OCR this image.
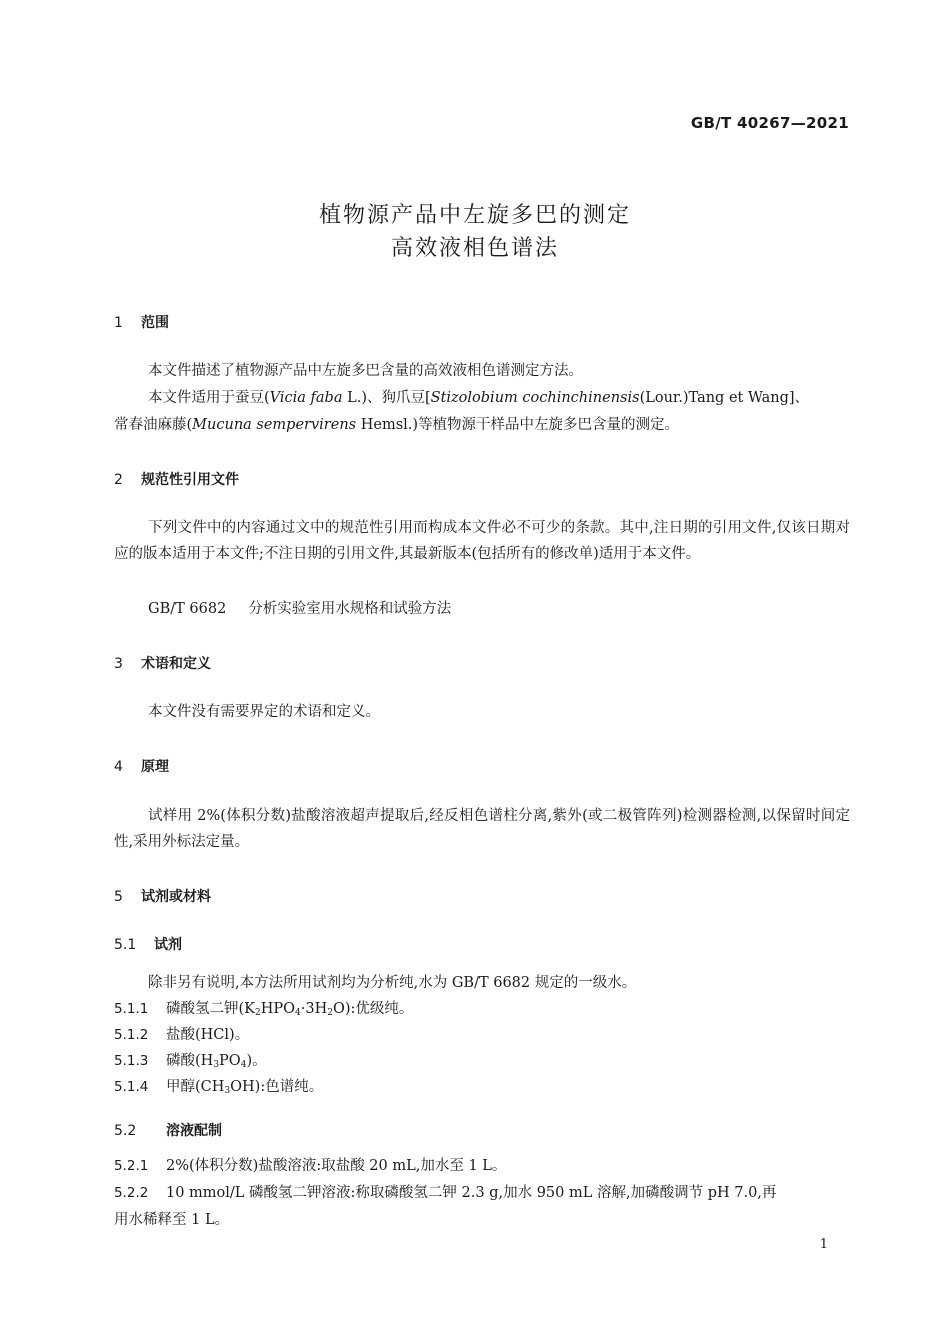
GB/T 40267—2021
植物源产品中左旋多巴的测定
高效液相色谱法
1 范围
本文件描述了植物源产品中左旋多巴含量的高效液相色谱测定方法。
本文件适用于蚕豆(Vicia faba L.)、狗爪豆[Stizolobium cochinchinensis(Lour.)Tang et Wang]、
常春油麻藤(Mucuna sempervirens Hemsl.)等植物源干样品中左旋多巴含量的测定。
2 规范性引用文件

下列文件中的内容通过文中的规范性引用而构成本文件必不可少的条款。其中,注日期的引用文件,仅该日期对应的版本适用于本文件;不注日期的引用文件,其最新版本(包括所有的修改单)适用于本文件。

GB/T 6682 分析实验室用水规格和试验方法
3 术语和定义
本文件没有需要界定的术语和定义。
4 原理

试样用 2%(体积分数)盐酸溶液超声提取后,经反相色谱柱分离,紫外(或二极管阵列)检测器检测,以保留时间定性,采用外标法定量。

5 试剂或材料
5.1 试剂
除非另有说明,本方法所用试剂均为分析纯,水为 GB/T 6682 规定的一级水。
5.1.1 磷酸氢二钾$(K_2HPO_4\cdot 3H_2O)$:优级纯。
5.1.2 盐酸(HCl)。
5.1.3 磷酸$(H_3PO_4)$。
5.1.4 甲醇$(CH_3OH)$:色谱纯。
5.2 溶液配制
5.2.1 2%(体积分数)盐酸溶液:取盐酸 20 mL,加水至 1 L。
5.2.2 10 mmol/L 磷酸氢二钾溶液:称取磷酸氢二钾 2.3 g,加水 950 mL 溶解,加磷酸调节 pH 7.0,再
用水稀释至 1 L。
1
